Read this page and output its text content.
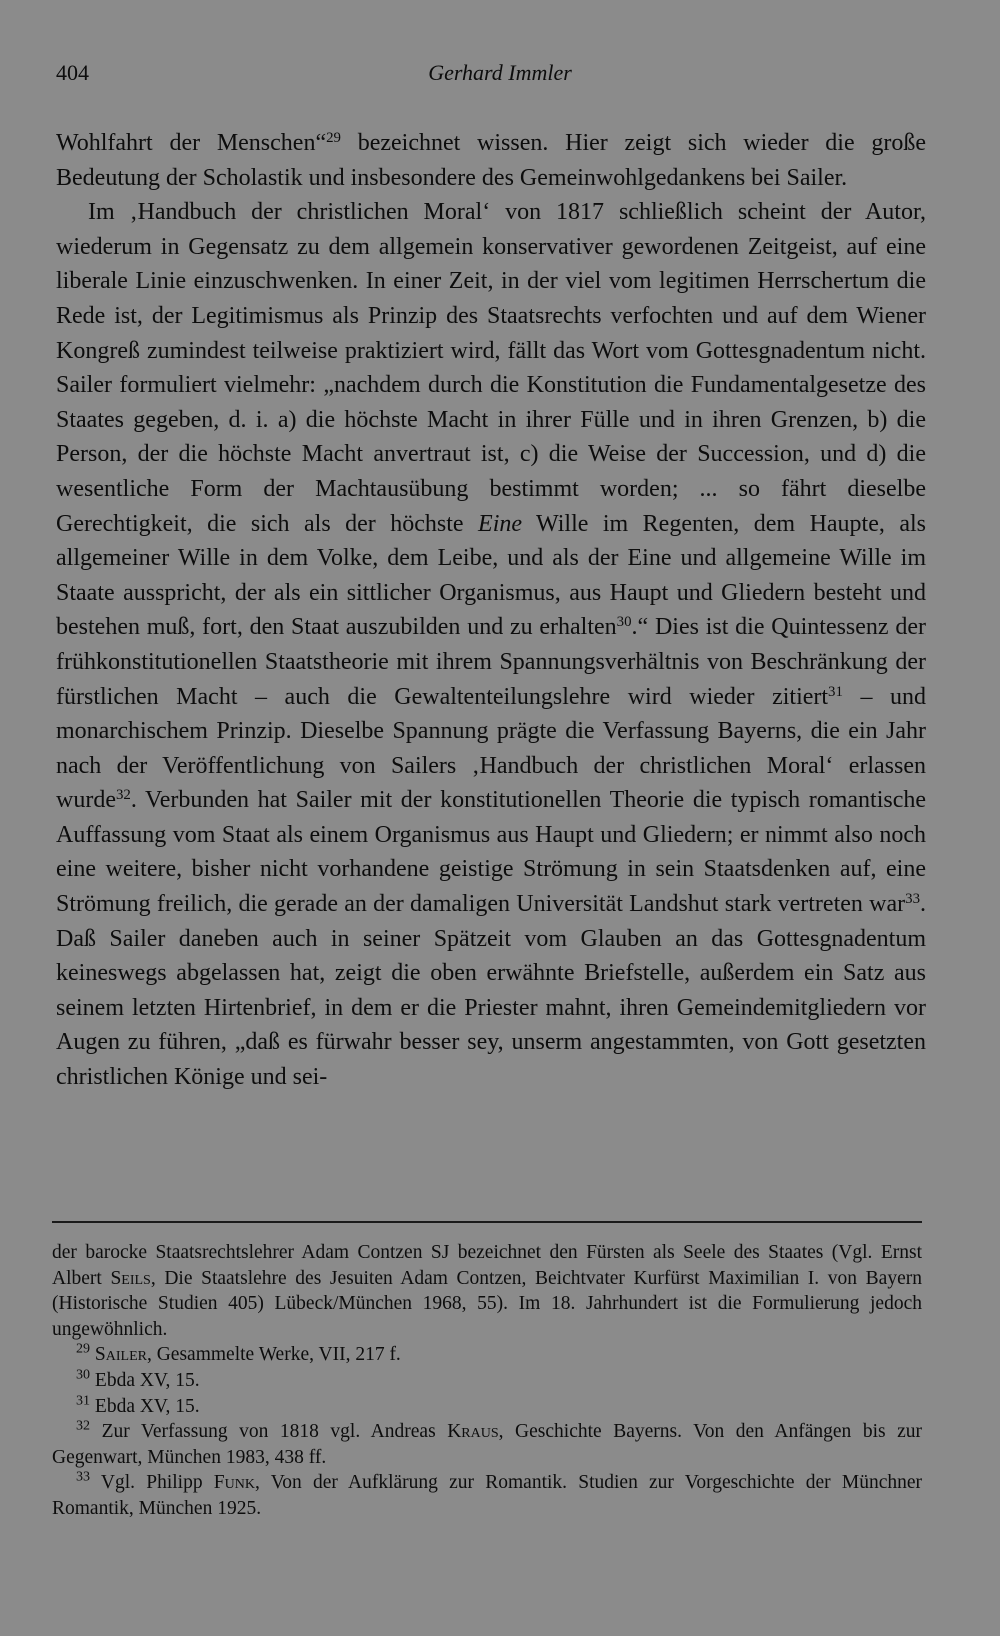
404	Gerhard Immler

Wohlfahrt der Menschen“$^{29}$ bezeichnet wissen. Hier zeigt sich wieder die große Bedeutung der Scholastik und insbesondere des Gemeinwohlgedankens bei Sailer.

Im ‚Handbuch der christlichen Moral‘ von 1817 schließlich scheint der Autor, wiederum in Gegensatz zu dem allgemein konservativer gewordenen Zeitgeist, auf eine liberale Linie einzuschwenken. In einer Zeit, in der viel vom legitimen Herrschertum die Rede ist, der Legitimismus als Prinzip des Staatsrechts verfochten und auf dem Wiener Kongreß zumindest teilweise praktiziert wird, fällt das Wort vom Gottesgnadentum nicht. Sailer formuliert vielmehr: „nachdem durch die Konstitution die Fundamentalgesetze des Staates gegeben, d. i. a) die höchste Macht in ihrer Fülle und in ihren Grenzen, b) die Person, der die höchste Macht anvertraut ist, c) die Weise der Succession, und d) die wesentliche Form der Machtausübung bestimmt worden; ... so fährt dieselbe Gerechtigkeit, die sich als der höchste Eine Wille im Regenten, dem Haupte, als allgemeiner Wille in dem Volke, dem Leibe, und als der Eine und allgemeine Wille im Staate ausspricht, der als ein sittlicher Organismus, aus Haupt und Gliedern besteht und bestehen muß, fort, den Staat auszubilden und zu erhalten$^{30}$.“ Dies ist die Quintessenz der frühkonstitutionellen Staatstheorie mit ihrem Spannungsverhältnis von Beschränkung der fürstlichen Macht – auch die Gewaltenteilungslehre wird wieder zitiert$^{31}$ – und monarchischem Prinzip. Dieselbe Spannung prägte die Verfassung Bayerns, die ein Jahr nach der Veröffentlichung von Sailers ‚Handbuch der christlichen Moral‘ erlassen wurde$^{32}$. Verbunden hat Sailer mit der konstitutionellen Theorie die typisch romantische Auffassung vom Staat als einem Organismus aus Haupt und Gliedern; er nimmt also noch eine weitere, bisher nicht vorhandene geistige Strömung in sein Staatsdenken auf, eine Strömung freilich, die gerade an der damaligen Universität Landshut stark vertreten war$^{33}$. Daß Sailer daneben auch in seiner Spätzeit vom Glauben an das Gottesgnadentum keineswegs abgelassen hat, zeigt die oben erwähnte Briefstelle, außerdem ein Satz aus seinem letzten Hirtenbrief, in dem er die Priester mahnt, ihren Gemeindemitgliedern vor Augen zu führen, „daß es fürwahr besser sey, unserm angestammten, von Gott gesetzten christlichen Könige und sei-

der barocke Staatsrechtslehrer Adam Contzen SJ bezeichnet den Fürsten als Seele des Staates (Vgl. Ernst Albert Seils, Die Staatslehre des Jesuiten Adam Contzen, Beichtvater Kurfürst Maximilian I. von Bayern (Historische Studien 405) Lübeck/München 1968, 55). Im 18. Jahrhundert ist die Formulierung jedoch ungewöhnlich.

$^{29}$ Sailer, Gesammelte Werke, VII, 217 f.

$^{30}$ Ebda XV, 15.

$^{31}$ Ebda XV, 15.

$^{32}$ Zur Verfassung von 1818 vgl. Andreas Kraus, Geschichte Bayerns. Von den Anfängen bis zur Gegenwart, München 1983, 438 ff.

$^{33}$ Vgl. Philipp Funk, Von der Aufklärung zur Romantik. Studien zur Vorgeschichte der Münchner Romantik, München 1925.
